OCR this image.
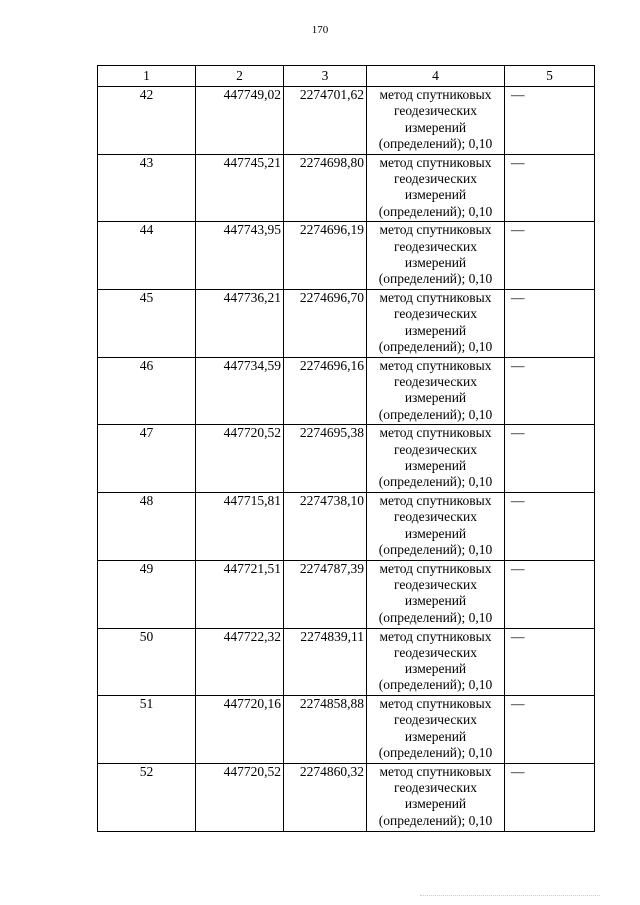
170
1	2	3	4	5
42	447749,02	2274701,62	метод спутниковых
геодезических
измерений
(определений); 0,10	—
43	447745,21	2274698,80	метод спутниковых
геодезических
измерений
(определений); 0,10	—
44	447743,95	2274696,19	метод спутниковых
геодезических
измерений
(определений); 0,10	—
45	447736,21	2274696,70	метод спутниковых
геодезических
измерений
(определений); 0,10	—
46	447734,59	2274696,16	метод спутниковых
геодезических
измерений
(определений); 0,10	—
47	447720,52	2274695,38	метод спутниковых
геодезических
измерений
(определений); 0,10	—
48	447715,81	2274738,10	метод спутниковых
геодезических
измерений
(определений); 0,10	—
49	447721,51	2274787,39	метод спутниковых
геодезических
измерений
(определений); 0,10	—
50	447722,32	2274839,11	метод спутниковых
геодезических
измерений
(определений); 0,10	—
51	447720,16	2274858,88	метод спутниковых
геодезических
измерений
(определений); 0,10	—
52	447720,52	2274860,32	метод спутниковых
геодезических
измерений
(определений); 0,10	—
